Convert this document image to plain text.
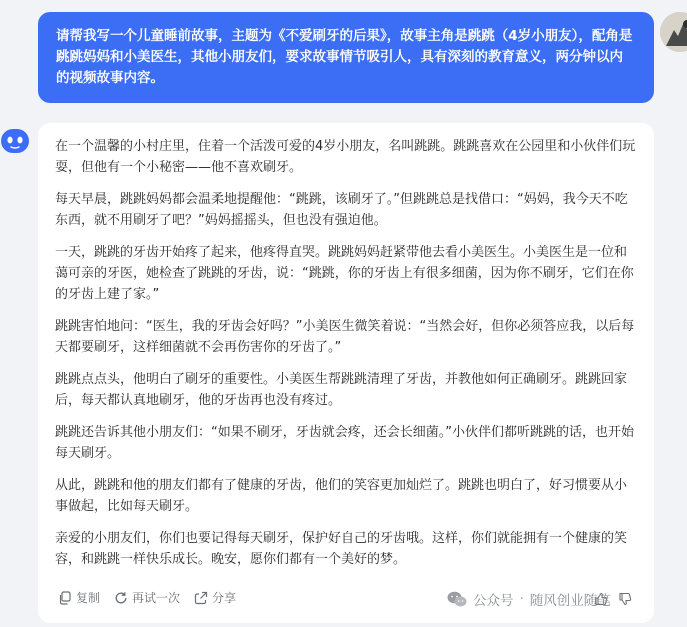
请帮我写一个儿童睡前故事，主题为《不爱刷牙的后果》，故事主角是跳跳（4岁小朋友），配角是跳跳妈妈和小美医生，其他小朋友们，要求故事情节吸引人，具有深刻的教育意义，两分钟以内的视频故事内容。

在一个温馨的小村庄里，住着一个活泼可爱的4岁小朋友，名叫跳跳。跳跳喜欢在公园里和小伙伴们玩耍，但他有一个小秘密——他不喜欢刷牙。

每天早晨，跳跳妈妈都会温柔地提醒他：“跳跳，该刷牙了。”但跳跳总是找借口：“妈妈，我今天不吃东西，就不用刷牙了吧？”妈妈摇摇头，但也没有强迫他。

一天，跳跳的牙齿开始疼了起来，他疼得直哭。跳跳妈妈赶紧带他去看小美医生。小美医生是一位和蔼可亲的牙医，她检查了跳跳的牙齿，说：“跳跳，你的牙齿上有很多细菌，因为你不刷牙，它们在你的牙齿上建了家。”

跳跳害怕地问：“医生，我的牙齿会好吗？”小美医生微笑着说：“当然会好，但你必须答应我，以后每天都要刷牙，这样细菌就不会再伤害你的牙齿了。”

跳跳点点头，他明白了刷牙的重要性。小美医生帮跳跳清理了牙齿，并教他如何正确刷牙。跳跳回家后，每天都认真地刷牙，他的牙齿再也没有疼过。

跳跳还告诉其他小朋友们：“如果不刷牙，牙齿就会疼，还会长细菌。”小伙伴们都听跳跳的话，也开始每天刷牙。

从此，跳跳和他的朋友们都有了健康的牙齿，他们的笑容更加灿烂了。跳跳也明白了，好习惯要从小事做起，比如每天刷牙。

亲爱的小朋友们，你们也要记得每天刷牙，保护好自己的牙齿哦。这样，你们就能拥有一个健康的笑容，和跳跳一样快乐成长。晚安，愿你们都有一个美好的梦。

复制	再试一次	分享	公众号 · 随风创业随笔
